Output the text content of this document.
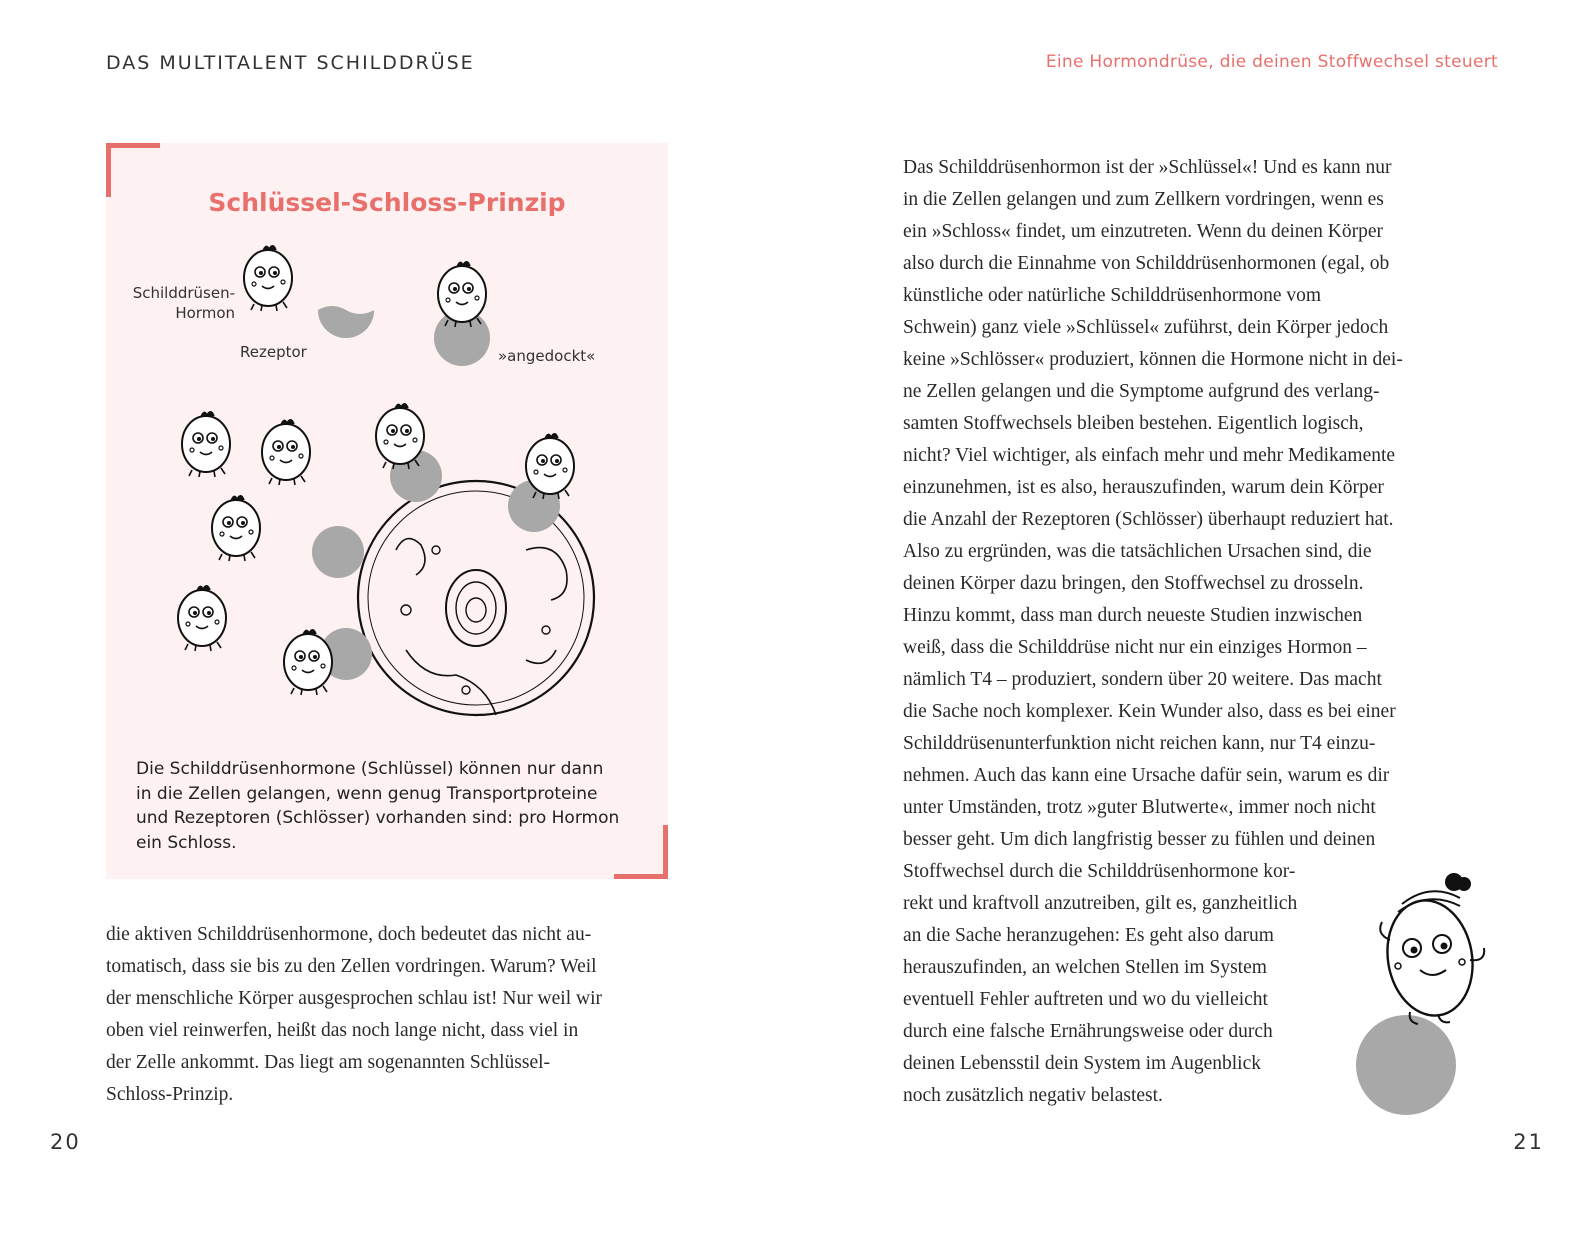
DAS MULTITALENT SCHILDDRÜSE	Eine Hormondrüse, die deinen Stoffwechsel steuert
Schlüssel-Schloss-Prinzip
Schilddrüsen-
Hormon
Rezeptor	»angedockt«
Die Schilddrüsenhormone (Schlüssel) können nur dann
in die Zellen gelangen, wenn genug Transportproteine
und Rezeptoren (Schlösser) vorhanden sind: pro Hormon
ein Schloss.
die aktiven Schilddrüsenhormone, doch bedeutet das nicht au-
tomatisch, dass sie bis zu den Zellen vordringen. Warum? Weil
der menschliche Körper ausgesprochen schlau ist! Nur weil wir
oben viel reinwerfen, heißt das noch lange nicht, dass viel in
der Zelle ankommt. Das liegt am sogenannten Schlüssel-
Schloss-Prinzip.
Das Schilddrüsenhormon ist der »Schlüssel«! Und es kann nur
in die Zellen gelangen und zum Zellkern vordringen, wenn es
ein »Schloss« findet, um einzutreten. Wenn du deinen Körper
also durch die Einnahme von Schilddrüsenhormonen (egal, ob
künstliche oder natürliche Schilddrüsenhormone vom
Schwein) ganz viele »Schlüssel« zuführst, dein Körper jedoch
keine »Schlösser« produziert, können die Hormone nicht in dei-
ne Zellen gelangen und die Symptome aufgrund des verlang-
samten Stoffwechsels bleiben bestehen. Eigentlich logisch,
nicht? Viel wichtiger, als einfach mehr und mehr Medikamente
einzunehmen, ist es also, herauszufinden, warum dein Körper
die Anzahl der Rezeptoren (Schlösser) überhaupt reduziert hat.
Also zu ergründen, was die tatsächlichen Ursachen sind, die
deinen Körper dazu bringen, den Stoffwechsel zu drosseln.
Hinzu kommt, dass man durch neueste Studien inzwischen
weiß, dass die Schilddrüse nicht nur ein einziges Hormon –
nämlich T4 – produziert, sondern über 20 weitere. Das macht
die Sache noch komplexer. Kein Wunder also, dass es bei einer
Schilddrüsenunterfunktion nicht reichen kann, nur T4 einzu-
nehmen. Auch das kann eine Ursache dafür sein, warum es dir
unter Umständen, trotz »guter Blutwerte«, immer noch nicht
besser geht. Um dich langfristig besser zu fühlen und deinen
Stoffwechsel durch die Schilddrüsenhormone kor-
rekt und kraftvoll anzutreiben, gilt es, ganzheitlich
an die Sache heranzugehen: Es geht also darum
herauszufinden, an welchen Stellen im System
eventuell Fehler auftreten und wo du vielleicht
durch eine falsche Ernährungsweise oder durch
deinen Lebensstil dein System im Augenblick
noch zusätzlich negativ belastest.
20	21
